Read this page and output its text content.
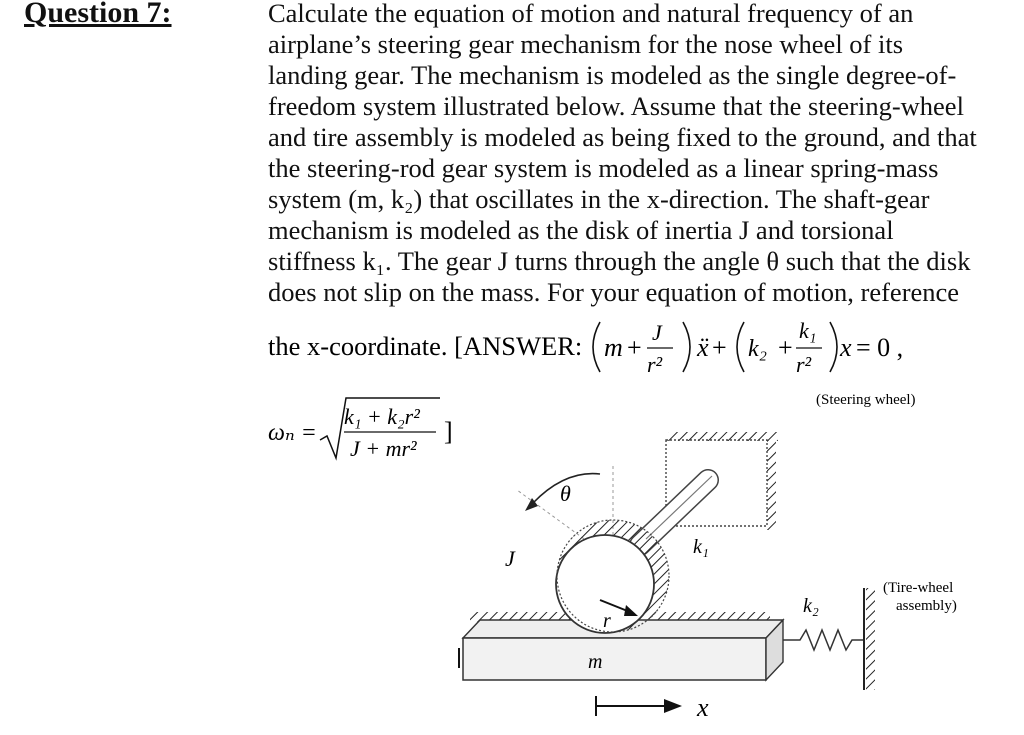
Question 7:	Calculate the equation of motion and natural frequency of an
airplane’s steering gear mechanism for the nose wheel of its
landing gear. The mechanism is modeled as the single degree-of-
freedom system illustrated below. Assume that the steering-wheel
and tire assembly is modeled as being fixed to the ground, and that
the steering-rod gear system is modeled as a linear spring-mass
system (m, k₂) that oscillates in the x-direction. The shaft-gear
mechanism is modeled as the disk of inertia J and torsional
stiffness k₁. The gear J turns through the angle θ such that the disk
does not slip on the mass. For your equation of motion, reference
the x-coordinate. [ANSWER: m +
J
r²
ẍ + k₂ +
k₁
r²
x = 0 ,
ωₙ =
k₁ + k₂r²
J + mr²
]
(Steering wheel)
(Tire-wheel
assembly)
θ
m
r
J	k₁
k₂
x
